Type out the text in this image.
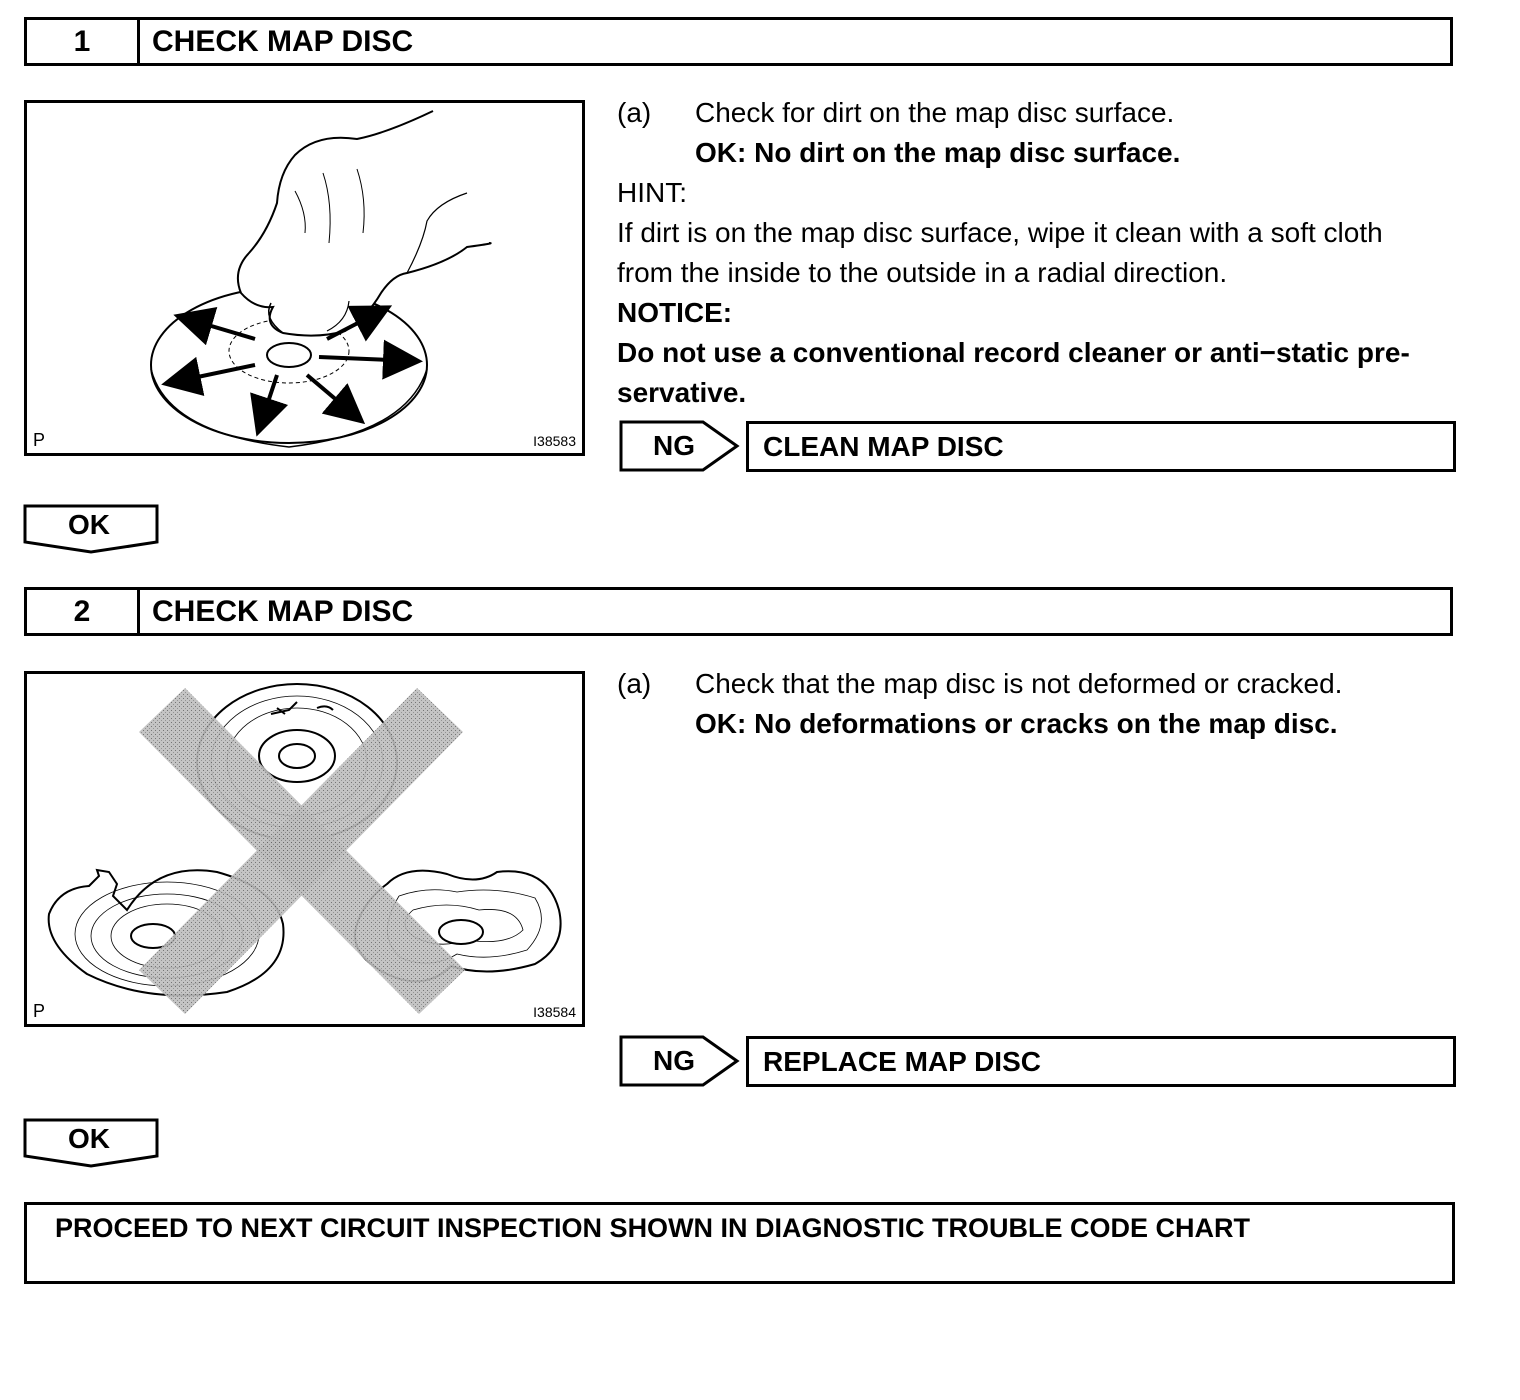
1	CHECK MAP DISC
P	I38583
(a) Check for dirt on the map disc surface.
OK: No dirt on the map disc surface.
HINT:
If dirt is on the map disc surface, wipe it clean with a soft cloth
from the inside to the outside in a radial direction.
NOTICE:
Do not use a conventional record cleaner or anti−static pre-
servative.
NG	CLEAN MAP DISC
OK
2	CHECK MAP DISC
P	I38584
(a) Check that the map disc is not deformed or cracked.
OK: No deformations or cracks on the map disc.
NG	REPLACE MAP DISC
OK
PROCEED TO NEXT CIRCUIT INSPECTION SHOWN IN DIAGNOSTIC TROUBLE CODE CHART
